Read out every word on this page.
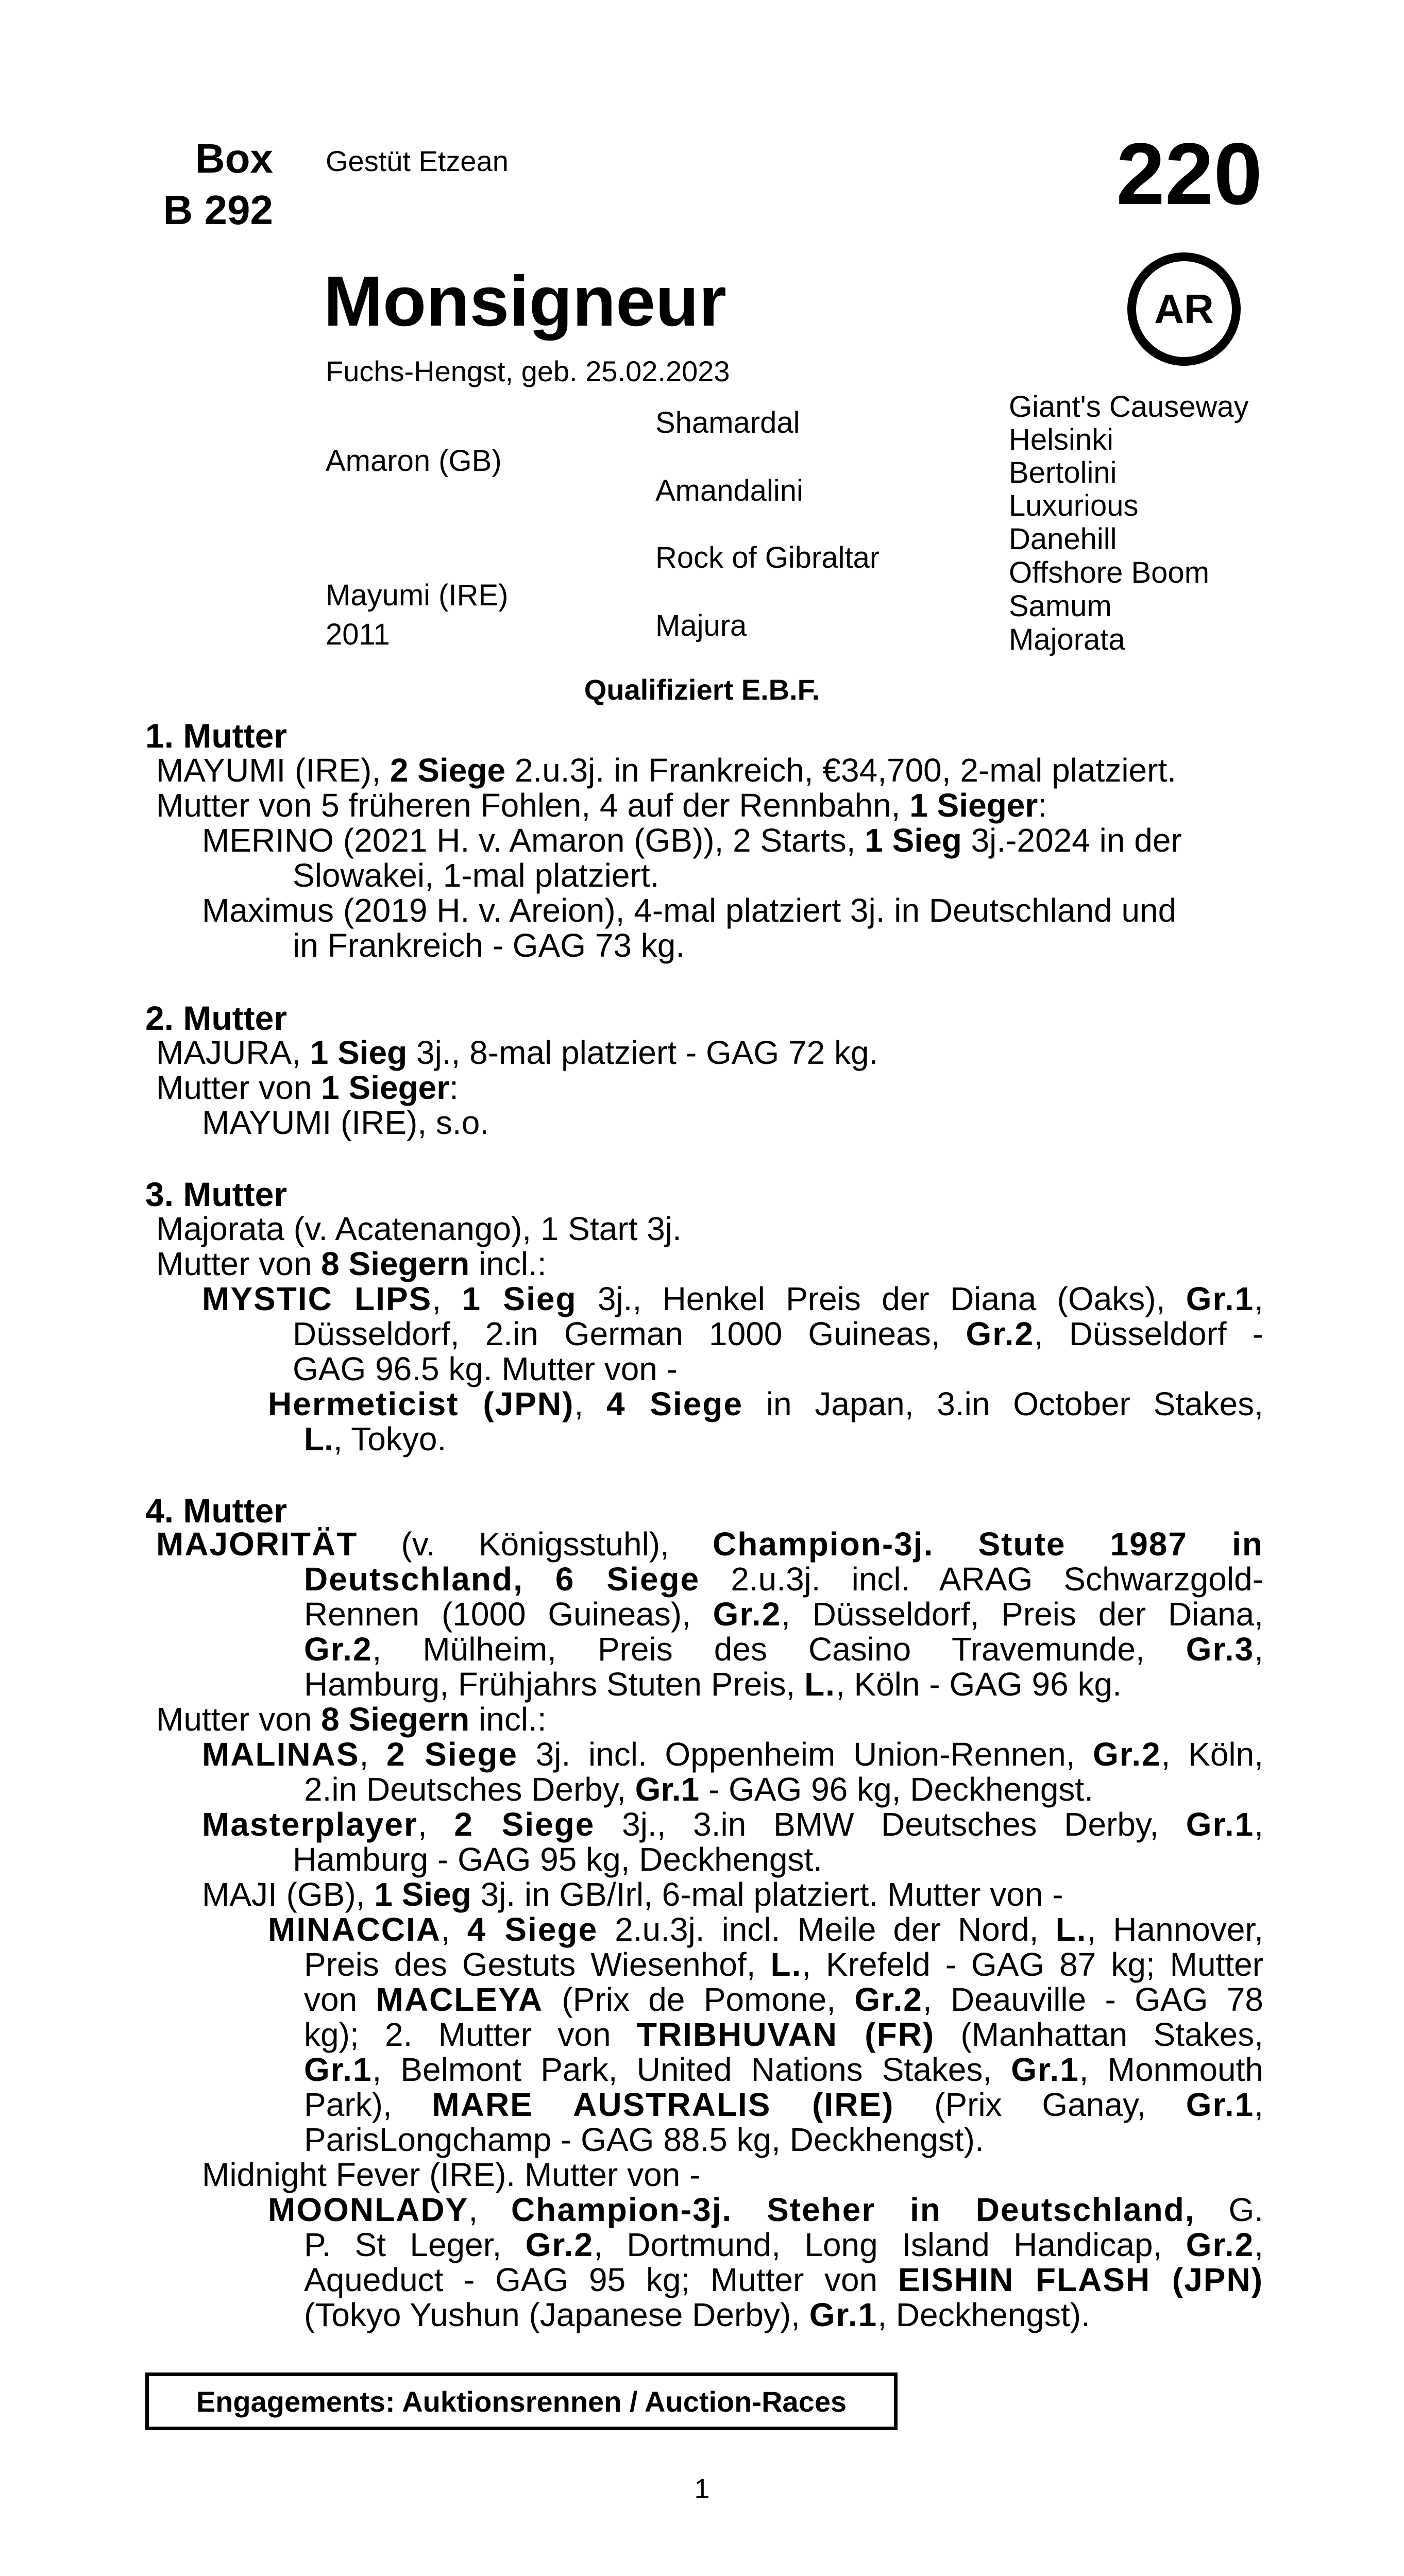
Box
B 292
Gestüt Etzean	220
Monsigneur
Fuchs-Hengst, geb. 25.02.2023
AR
Amaron (GB)
Mayumi (IRE)
2011
Shamardal
Amandalini
Rock of Gibraltar
Majura
Giant's Causeway
Helsinki
Bertolini
Luxurious
Danehill
Offshore Boom
Samum
Majorata
Qualifiziert E.B.F.
1. Mutter
MAYUMI (IRE), 2 Siege 2.u.3j. in Frankreich, €34,700, 2-mal platziert.
Mutter von 5 früheren Fohlen, 4 auf der Rennbahn, 1 Sieger:
MERINO (2021 H. v. Amaron (GB)), 2 Starts, 1 Sieg 3j.-2024 in der
Slowakei, 1-mal platziert.
Maximus (2019 H. v. Areion), 4-mal platziert 3j. in Deutschland und
in Frankreich - GAG 73 kg.
2. Mutter
MAJURA, 1 Sieg 3j., 8-mal platziert - GAG 72 kg.
Mutter von 1 Sieger:
MAYUMI (IRE), s.o.
3. Mutter
Majorata (v. Acatenango), 1 Start 3j.
Mutter von 8 Siegern incl.:
MYSTIC LIPS, 1 Sieg 3j., Henkel Preis der Diana (Oaks), Gr.1,
Düsseldorf, 2.in German 1000 Guineas, Gr.2, Düsseldorf -
GAG 96.5 kg. Mutter von -
Hermeticist (JPN), 4 Siege in Japan, 3.in October Stakes,
L., Tokyo.
4. Mutter
MAJORITÄT (v. Königsstuhl), Champion-3j. Stute 1987 in
Deutschland, 6 Siege 2.u.3j. incl. ARAG Schwarzgold-
Rennen (1000 Guineas), Gr.2, Düsseldorf, Preis der Diana,
Gr.2, Mülheim, Preis des Casino Travemunde, Gr.3,
Hamburg, Frühjahrs Stuten Preis, L., Köln - GAG 96 kg.
Mutter von 8 Siegern incl.:
MALINAS, 2 Siege 3j. incl. Oppenheim Union-Rennen, Gr.2, Köln,
2.in Deutsches Derby, Gr.1 - GAG 96 kg, Deckhengst.
Masterplayer, 2 Siege 3j., 3.in BMW Deutsches Derby, Gr.1,
Hamburg - GAG 95 kg, Deckhengst.
MAJI (GB), 1 Sieg 3j. in GB/Irl, 6-mal platziert. Mutter von -
MINACCIA, 4 Siege 2.u.3j. incl. Meile der Nord, L., Hannover,
Preis des Gestuts Wiesenhof, L., Krefeld - GAG 87 kg; Mutter
von MACLEYA (Prix de Pomone, Gr.2, Deauville - GAG 78
kg); 2. Mutter von TRIBHUVAN (FR) (Manhattan Stakes,
Gr.1, Belmont Park, United Nations Stakes, Gr.1, Monmouth
Park), MARE AUSTRALIS (IRE) (Prix Ganay, Gr.1,
ParisLongchamp - GAG 88.5 kg, Deckhengst).
Midnight Fever (IRE). Mutter von -
MOONLADY, Champion-3j. Steher in Deutschland, G.
P. St Leger, Gr.2, Dortmund, Long Island Handicap, Gr.2,
Aqueduct - GAG 95 kg; Mutter von EISHIN FLASH (JPN)
(Tokyo Yushun (Japanese Derby), Gr.1, Deckhengst).
Engagements: Auktionsrennen / Auction-Races
1
